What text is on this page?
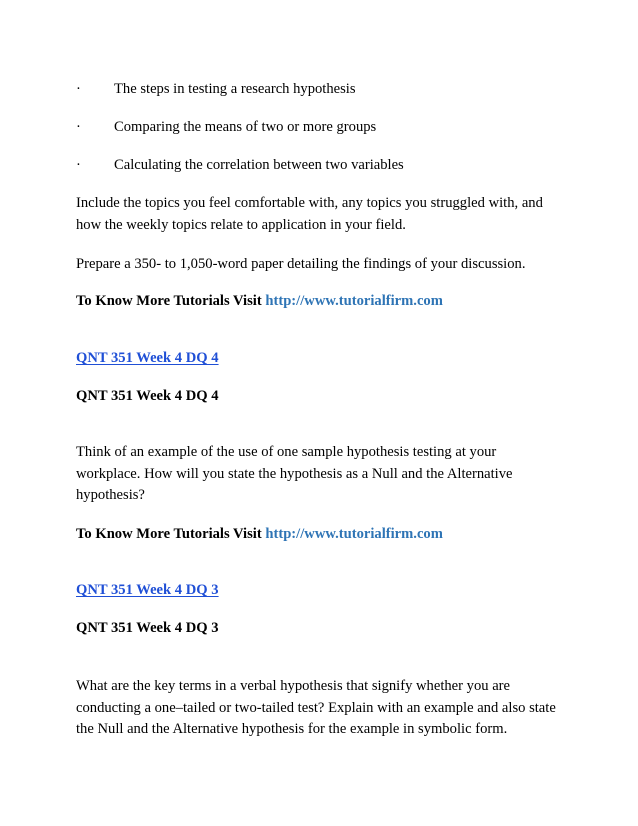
·	The steps in testing a research hypothesis
·	Comparing the means of two or more groups
·	Calculating the correlation between two variables
Include the topics you feel comfortable with, any topics you struggled with, and
how the weekly topics relate to application in your field.
Prepare a 350- to 1,050-word paper detailing the findings of your discussion.
To Know More Tutorials Visit http://www.tutorialfirm.com
QNT 351 Week 4 DQ 4
QNT 351 Week 4 DQ 4
Think of an example of the use of one sample hypothesis testing at your
workplace. How will you state the hypothesis as a Null and the Alternative
hypothesis?
To Know More Tutorials Visit http://www.tutorialfirm.com
QNT 351 Week 4 DQ 3
QNT 351 Week 4 DQ 3
What are the key terms in a verbal hypothesis that signify whether you are
conducting a one–tailed or two-tailed test? Explain with an example and also state
the Null and the Alternative hypothesis for the example in symbolic form.
